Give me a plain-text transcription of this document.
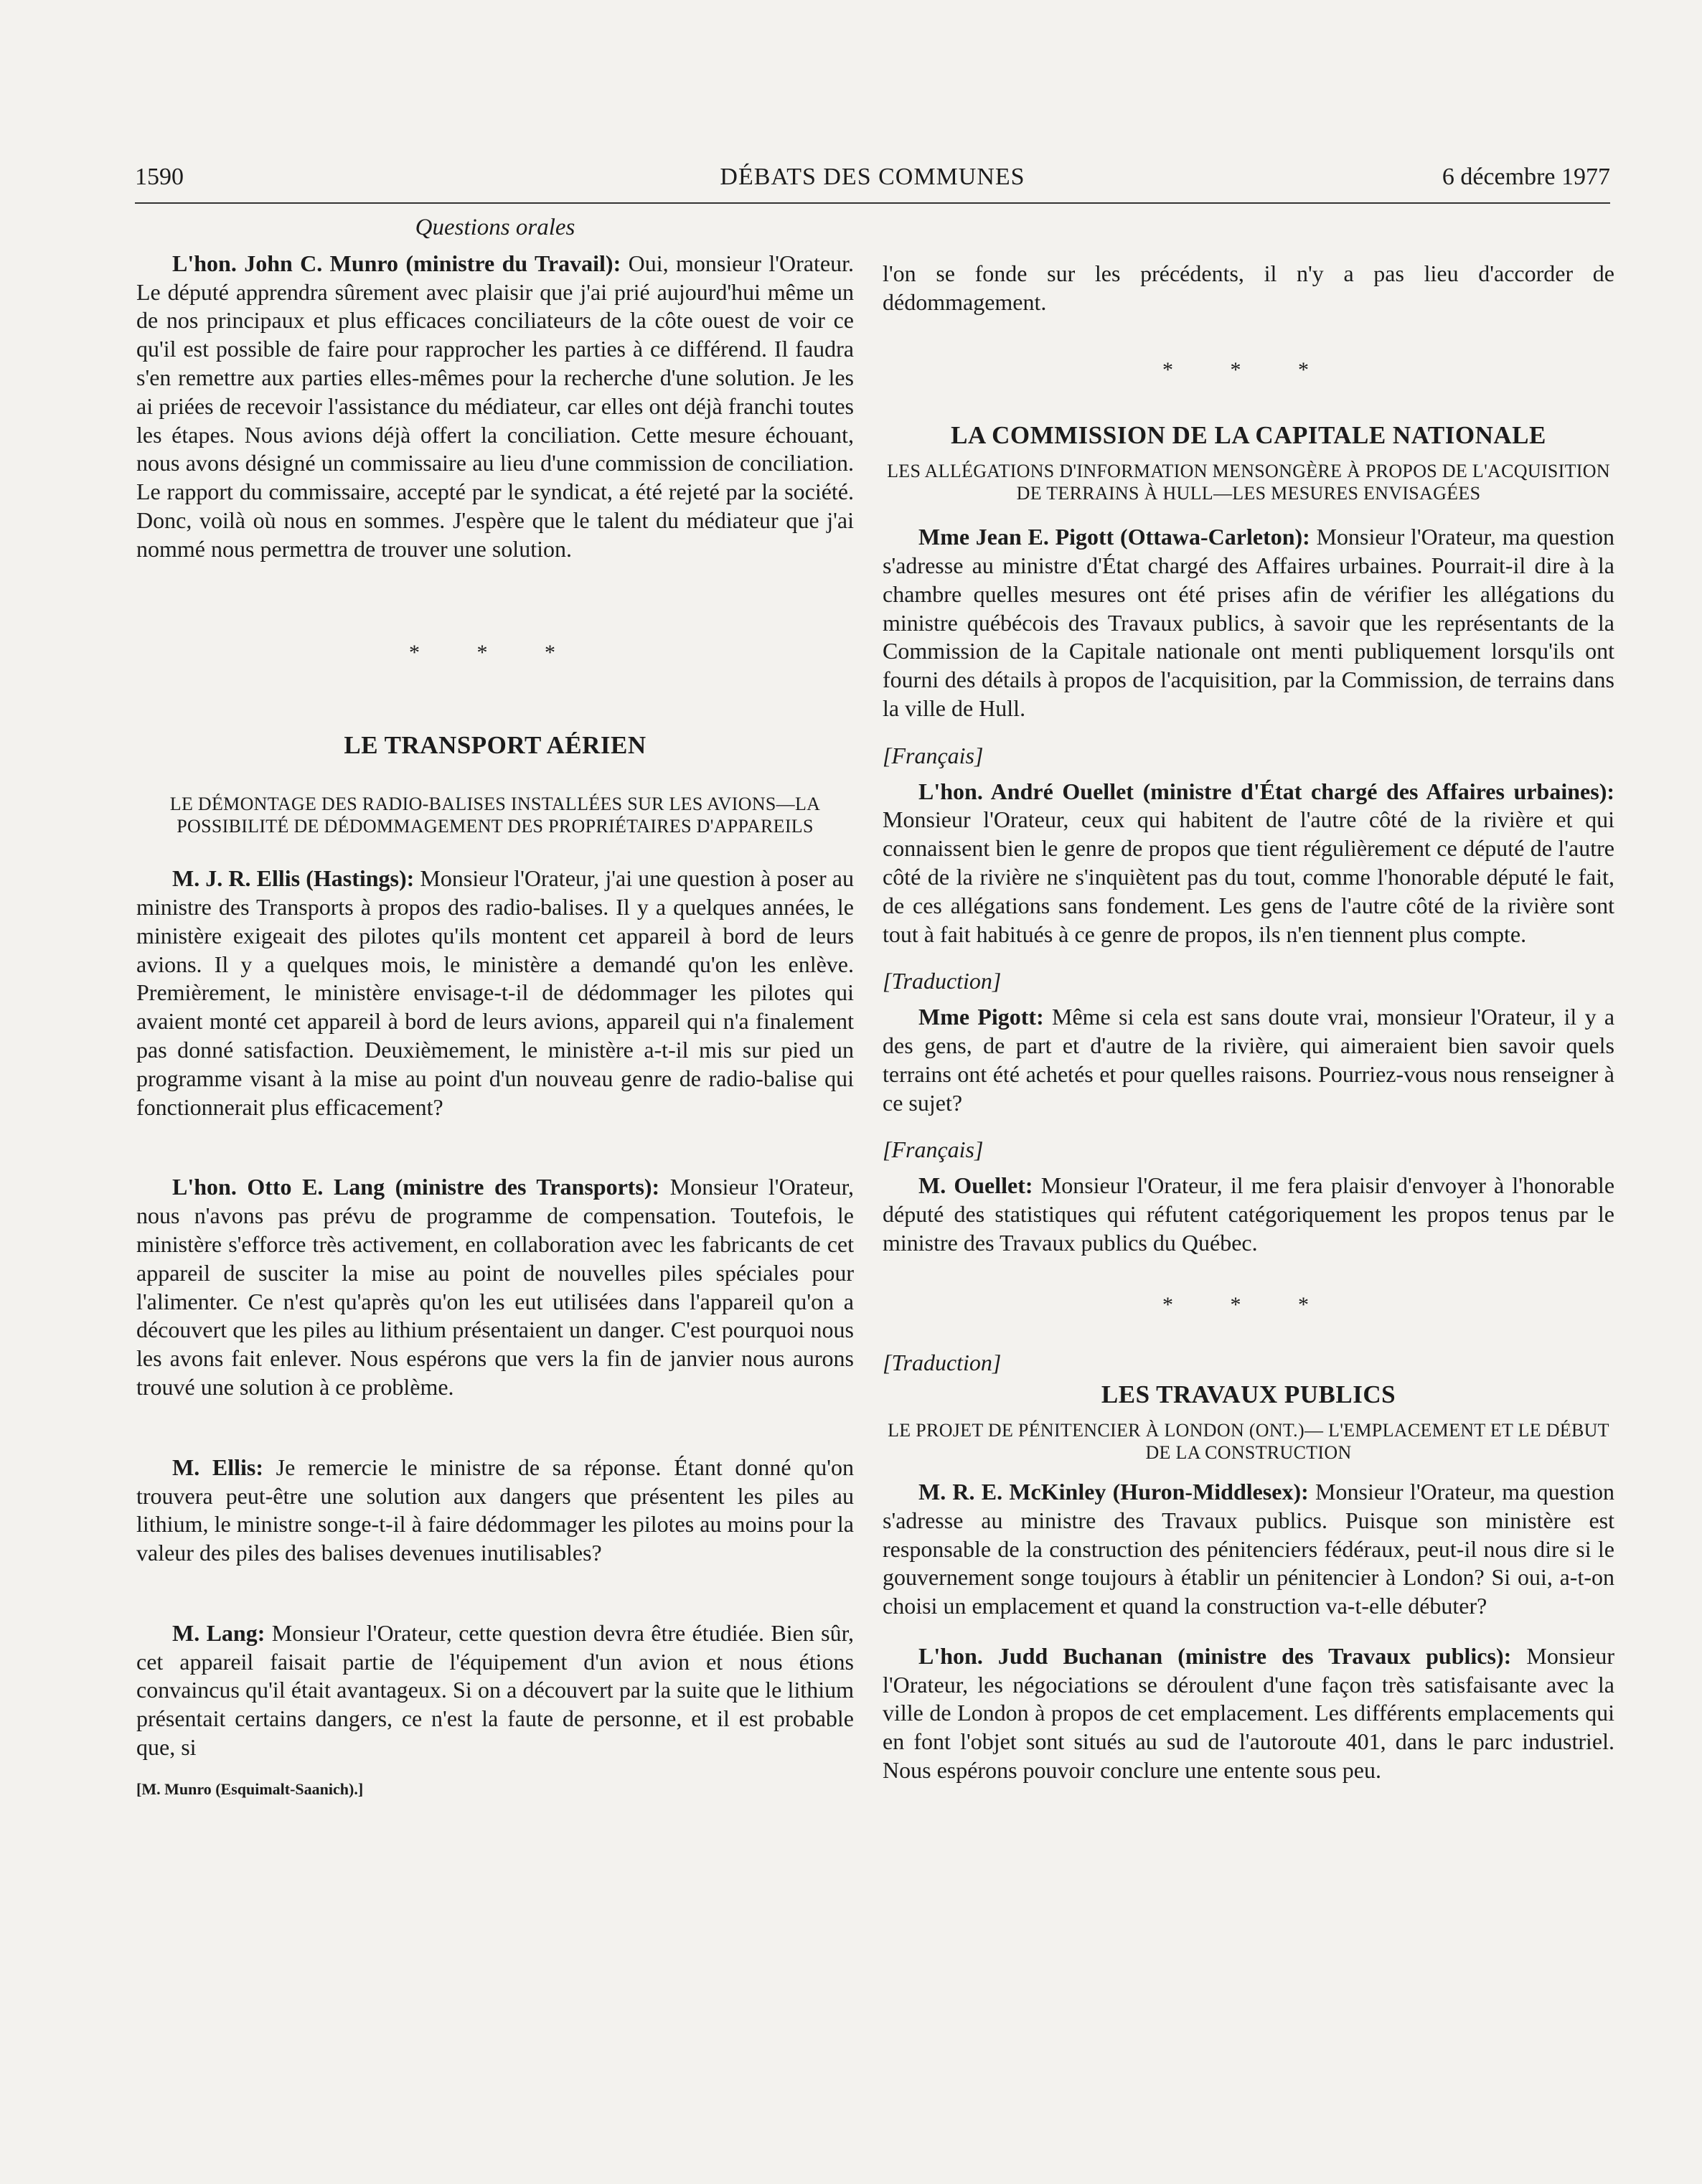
1590	DÉBATS DES COMMUNES	6 décembre 1977
Questions orales

L'hon. John C. Munro (ministre du Travail): Oui, monsieur l'Orateur. Le député apprendra sûrement avec plaisir que j'ai prié aujourd'hui même un de nos principaux et plus efficaces conciliateurs de la côte ouest de voir ce qu'il est possible de faire pour rapprocher les parties à ce différend. Il faudra s'en remettre aux parties elles-mêmes pour la recherche d'une solution. Je les ai priées de recevoir l'assistance du médiateur, car elles ont déjà franchi toutes les étapes. Nous avions déjà offert la conciliation. Cette mesure échouant, nous avons désigné un commissaire au lieu d'une commission de conciliation. Le rapport du commissaire, accepté par le syndicat, a été rejeté par la société. Donc, voilà où nous en sommes. J'espère que le talent du médiateur que j'ai nommé nous permettra de trouver une solution.

* * *
LE TRANSPORT AÉRIEN
LE DÉMONTAGE DES RADIO-BALISES INSTALLÉES SUR LES AVIONS—LA POSSIBILITÉ DE DÉDOMMAGEMENT DES PROPRIÉTAIRES D'APPAREILS

M. J. R. Ellis (Hastings): Monsieur l'Orateur, j'ai une question à poser au ministre des Transports à propos des radio-balises. Il y a quelques années, le ministère exigeait des pilotes qu'ils montent cet appareil à bord de leurs avions. Il y a quelques mois, le ministère a demandé qu'on les enlève. Premièrement, le ministère envisage-t-il de dédommager les pilotes qui avaient monté cet appareil à bord de leurs avions, appareil qui n'a finalement pas donné satisfaction. Deuxièmement, le ministère a-t-il mis sur pied un programme visant à la mise au point d'un nouveau genre de radio-balise qui fonctionnerait plus efficacement?

L'hon. Otto E. Lang (ministre des Transports): Monsieur l'Orateur, nous n'avons pas prévu de programme de compensation. Toutefois, le ministère s'efforce très activement, en collaboration avec les fabricants de cet appareil de susciter la mise au point de nouvelles piles spéciales pour l'alimenter. Ce n'est qu'après qu'on les eut utilisées dans l'appareil qu'on a découvert que les piles au lithium présentaient un danger. C'est pourquoi nous les avons fait enlever. Nous espérons que vers la fin de janvier nous aurons trouvé une solution à ce problème.

M. Ellis: Je remercie le ministre de sa réponse. Étant donné qu'on trouvera peut-être une solution aux dangers que présentent les piles au lithium, le ministre songe-t-il à faire dédommager les pilotes au moins pour la valeur des piles des balises devenues inutilisables?

M. Lang: Monsieur l'Orateur, cette question devra être étudiée. Bien sûr, cet appareil faisait partie de l'équipement d'un avion et nous étions convaincus qu'il était avantageux. Si on a découvert par la suite que le lithium présentait certains dangers, ce n'est la faute de personne, et il est probable que, si

[M. Munro (Esquimalt-Saanich).]

l'on se fonde sur les précédents, il n'y a pas lieu d'accorder de dédommagement.

* * *
LA COMMISSION DE LA CAPITALE NATIONALE
LES ALLÉGATIONS D'INFORMATION MENSONGÈRE À PROPOS DE L'ACQUISITION DE TERRAINS À HULL—LES MESURES ENVISAGÉES

Mme Jean E. Pigott (Ottawa-Carleton): Monsieur l'Orateur, ma question s'adresse au ministre d'État chargé des Affaires urbaines. Pourrait-il dire à la chambre quelles mesures ont été prises afin de vérifier les allégations du ministre québécois des Travaux publics, à savoir que les représentants de la Commission de la Capitale nationale ont menti publiquement lorsqu'ils ont fourni des détails à propos de l'acquisition, par la Commission, de terrains dans la ville de Hull.

[Français]

L'hon. André Ouellet (ministre d'État chargé des Affaires urbaines): Monsieur l'Orateur, ceux qui habitent de l'autre côté de la rivière et qui connaissent bien le genre de propos que tient régulièrement ce député de l'autre côté de la rivière ne s'inquiètent pas du tout, comme l'honorable député le fait, de ces allégations sans fondement. Les gens de l'autre côté de la rivière sont tout à fait habitués à ce genre de propos, ils n'en tiennent plus compte.

[Traduction]

Mme Pigott: Même si cela est sans doute vrai, monsieur l'Orateur, il y a des gens, de part et d'autre de la rivière, qui aimeraient bien savoir quels terrains ont été achetés et pour quelles raisons. Pourriez-vous nous renseigner à ce sujet?

[Français]

M. Ouellet: Monsieur l'Orateur, il me fera plaisir d'envoyer à l'honorable député des statistiques qui réfutent catégoriquement les propos tenus par le ministre des Travaux publics du Québec.

* * *
[Traduction]
LES TRAVAUX PUBLICS
LE PROJET DE PÉNITENCIER À LONDON (ONT.)— L'EMPLACEMENT ET LE DÉBUT DE LA CONSTRUCTION

M. R. E. McKinley (Huron-Middlesex): Monsieur l'Orateur, ma question s'adresse au ministre des Travaux publics. Puisque son ministère est responsable de la construction des pénitenciers fédéraux, peut-il nous dire si le gouvernement songe toujours à établir un pénitencier à London? Si oui, a-t-on choisi un emplacement et quand la construction va-t-elle débuter?

L'hon. Judd Buchanan (ministre des Travaux publics): Monsieur l'Orateur, les négociations se déroulent d'une façon très satisfaisante avec la ville de London à propos de cet emplacement. Les différents emplacements qui en font l'objet sont situés au sud de l'autoroute 401, dans le parc industriel. Nous espérons pouvoir conclure une entente sous peu.
